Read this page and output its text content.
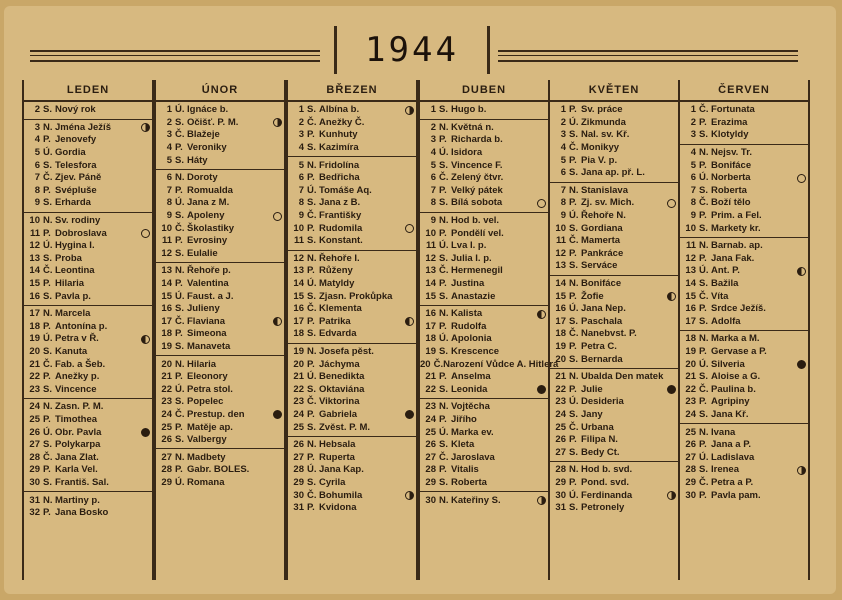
1944
LEDEN
2 S. Nový rok
3 N. Jména Ježíš
4 P. Jenovefy
5 Ú. Gordia
6 S. Telesfora
7 Č. Zjev. Páně
8 P. Svépluše
9 S. Erharda
10 N. Sv. rodiny
11 P. Dobroslava
12 Ú. Hygina I.
13 S. Proba
14 Č. Leontina
15 P. Hilaria
16 S. Pavla p.
17 N. Marcela
18 P. Antonína p.
19 Ú. Petra v Ř.
20 S. Kanuta
21 Č. Fab. a Šeb.
22 P. Anežky p.
23 S. Vincence
24 N. Zasn. P. M.
25 P. Timothea
26 Ú. Obr. Pavla
27 S. Polykarpa
28 Č. Jana Zlat.
29 P. Karla Vel.
30 S. Františ. Sal.
31 N. Martiny p.
32 P. Jana Bosko
ÚNOR
1 Ú. Ignáce b.
2 S. Očišť. P. M.
3 Č. Blažeje
4 P. Veroniky
5 S. Háty
6 N. Doroty
7 P. Romualda
8 Ú. Jana z M.
9 S. Apoleny
10 Č. Školastiky
11 P. Evrosiny
12 S. Eulalie
13 N. Řehoře p.
14 P. Valentina
15 Ú. Faust. a J.
16 S. Julieny
17 Č. Flaviana
18 P. Simeona
19 S. Manaveta
20 N. Hilaria
21 P. Eleonory
22 Ú. Petra stol.
23 S. Popelec
24 Č. Prestup. den
25 P. Matěje ap.
26 S. Valbergy
27 N. Madbety
28 P. Gabr. BOLES.
29 Ú. Romana
BŘEZEN
1 S. Albína b.
2 Č. Anežky Č.
3 P. Kunhuty
4 S. Kazimíra
5 N. Fridolína
6 P. Bedřicha
7 Ú. Tomáše Aq.
8 S. Jana z B.
9 Č. Františky
10 P. Rudomila
11 S. Konstant.
12 N. Řehoře I.
13 P. Růženy
14 Ú. Matyldy
15 S. Zjasn. Prokůpka
16 Č. Klementa
17 P. Patrika
18 S. Edvarda
19 N. Josefa pěst.
20 P. Jáchyma
21 Ú. Benedikta
22 S. Oktaviána
23 Č. Viktorina
24 P. Gabriela
25 S. Zvěst. P. M.
26 N. Hebsala
27 P. Ruperta
28 Ú. Jana Kap.
29 S. Cyrila
30 Č. Bohumila
31 P. Kvidona
DUBEN
1 S. Hugo b.
2 N. Květná n.
3 P. Richarda b.
4 Ú. Isidora
5 S. Vincence F.
6 Č. Zelený čtvr.
7 P. Velký pátek
8 S. Bílá sobota
9 N. Hod b. vel.
10 P. Pondělí vel.
11 Ú. Lva I. p.
12 S. Julia I. p.
13 Č. Hermenegil
14 P. Justina
15 S. Anastazie
16 N. Kalista
17 P. Rudolfa
18 Ú. Apolonia
19 S. Krescence
20 Č. Narození Vůdce A. Hitlera
21 P. Anselma
22 S. Leonida
23 N. Vojtěcha
24 P. Jiřího
25 Ú. Marka ev.
26 S. Kleta
27 Č. Jaroslava
28 P. Vitalis
29 S. Roberta
30 N. Kateřiny S.
KVĚTEN
1 P. Sv. práce
2 Ú. Zikmunda
3 S. Nal. sv. Kř.
4 Č. Monikуy
5 P. Pia V. p.
6 S. Jana ap. př. L.
7 N. Stanislava
8 P. Zj. sv. Mich.
9 Ú. Řehoře N.
10 S. Gordiana
11 Č. Mamerta
12 P. Pankráce
13 S. Serváce
14 N. Bonifáce
15 P. Žofie
16 Ú. Jana Nep.
17 S. Paschala
18 Č. Nanebvst. P.
19 P. Petra C.
20 S. Bernarda
21 N. Ubalda Den matek
22 P. Julie
23 Ú. Desideria
24 S. Jany
25 Č. Urbana
26 P. Filipa N.
27 S. Bedy Ct.
28 N. Hod b. svd.
29 P. Pond. svd.
30 Ú. Ferdinanda
31 S. Petronely
ČERVEN
1 Č. Fortunata
2 P. Erazima
3 S. Klotyldy
4 N. Nejsv. Tr.
5 P. Bonifáce
6 Ú. Norberta
7 S. Roberta
8 Č. Boží tělo
9 P. Prim. a Fel.
10 S. Markety kr.
11 N. Barnab. ap.
12 P. Jana Fak.
13 Ú. Ant. P.
14 S. Bažila
15 Č. Víta
16 P. Srdce Ježíš.
17 S. Adolfa
18 N. Marka a M.
19 P. Gervase a P.
20 Ú. Silveria
21 S. Aloise a G.
22 Č. Paulina b.
23 P. Agripiny
24 S. Jana Kř.
25 N. Ivana
26 P. Jana a P.
27 Ú. Ladislava
28 S. Irenea
29 Č. Petra a P.
30 P. Pavla pam.
